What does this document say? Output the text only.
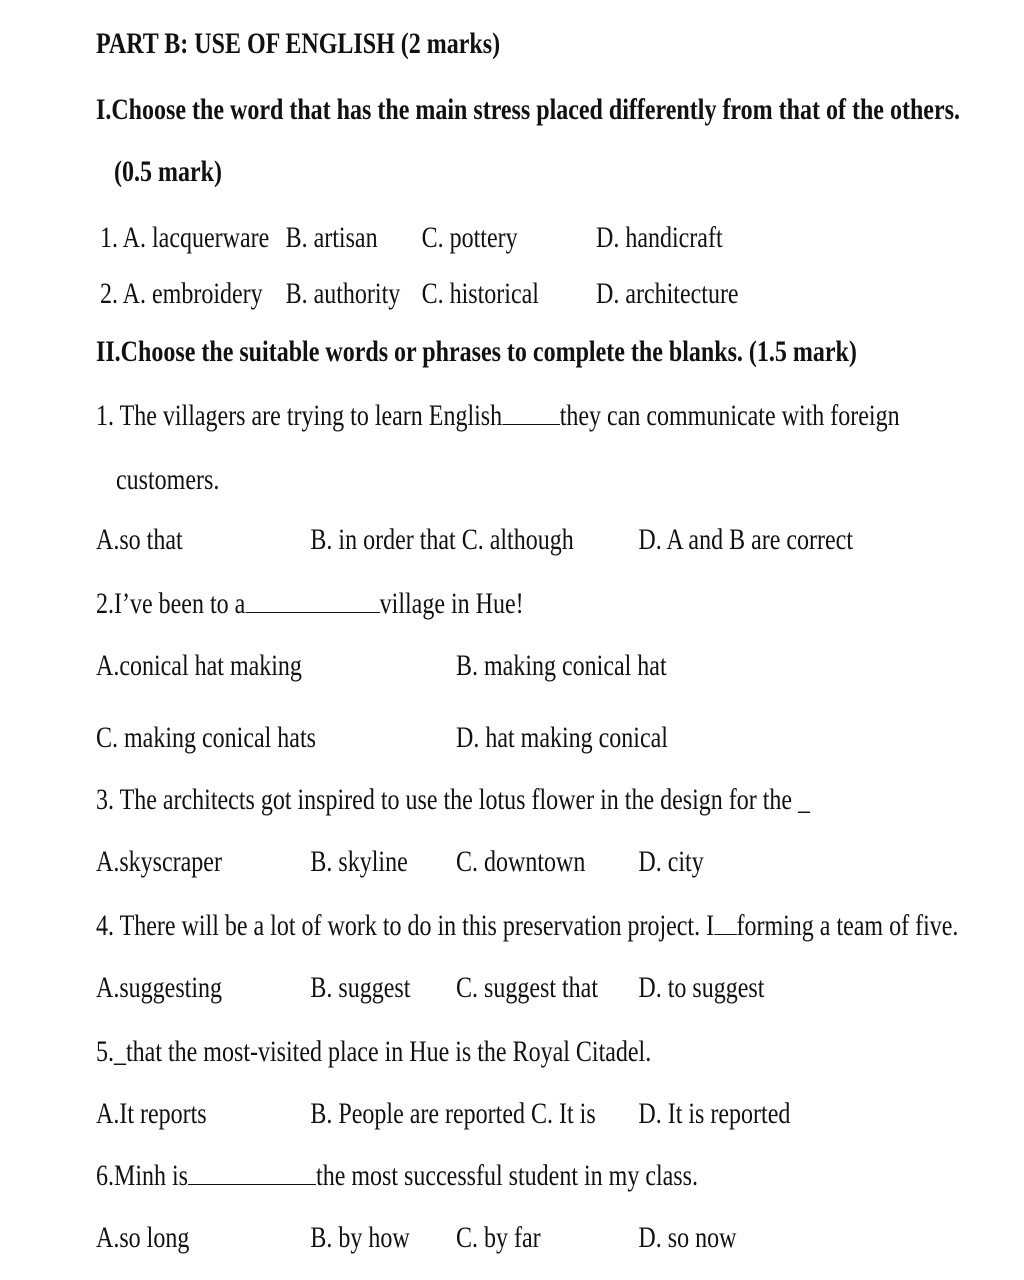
PART B: USE OF ENGLISH (2 marks)
I.Choose the word that has the main stress placed differently from that of the others.
(0.5 mark)
1. A. lacquerware B. artisan C. pottery	D. handicraft
2. A. embroidery B. authority C. historical D. architecture
II.Choose the suitable words or phrases to complete the blanks. (1.5 mark)
1. The villagers are trying to learn English they can communicate with foreign
customers.
A.so that	B. in order that C. although D. A and B are correct
2.I’ve been to a	village in Hue!
A.conical hat making	B. making conical hat
C. making conical hats	D. hat making conical
3. The architects got inspired to use the lotus flower in the design for the _
A.skyscraper	B. skyline C. downtown D. city
4. There will be a lot of work to do in this preservation project. I forming a team of five.
A.suggesting	B. suggest C. suggest that D. to suggest
5._that the most-visited place in Hue is the Royal Citadel.
A.It reports	B. People are reported C. It is D. It is reported
6.Minh is	the most successful student in my class.
A.so long	B. by how C. by far	D. so now
